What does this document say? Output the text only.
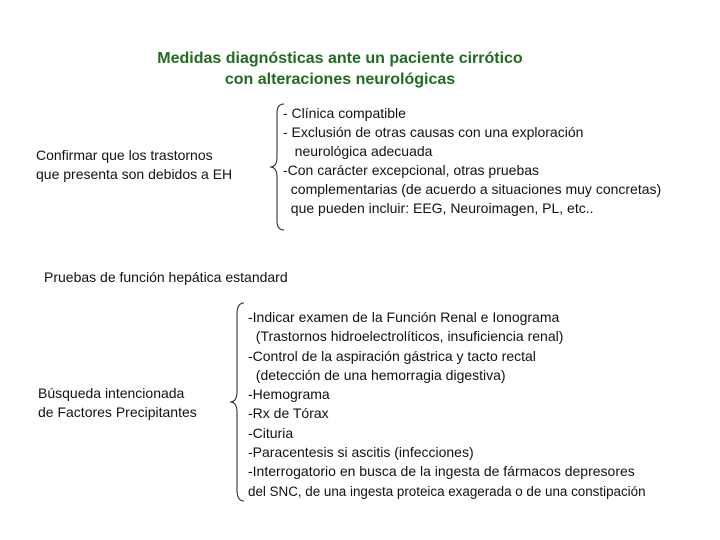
Medidas diagnósticas ante un paciente cirrótico
con alteraciones neurológicas
Confirmar que los trastornos
que presenta son debidos a EH
- Clínica compatible
- Exclusión de otras causas con una exploración
neurológica adecuada
-Con carácter excepcional, otras pruebas
complementarias (de acuerdo a situaciones muy concretas)
que pueden incluir: EEG, Neuroimagen, PL, etc..
Pruebas de función hepática estandard
Búsqueda intencionada
de Factores Precipitantes
-Indicar examen de la Función Renal e Ionograma
(Trastornos hidroelectrolíticos, insuficiencia renal)
-Control de la aspiración gástrica y tacto rectal
(detección de una hemorragia digestiva)
-Hemograma
-Rx de Tórax
-Cituria
-Paracentesis si ascitis (infecciones)
-Interrogatorio en busca de la ingesta de fármacos depresores
del SNC, de una ingesta proteica exagerada o de una constipación
